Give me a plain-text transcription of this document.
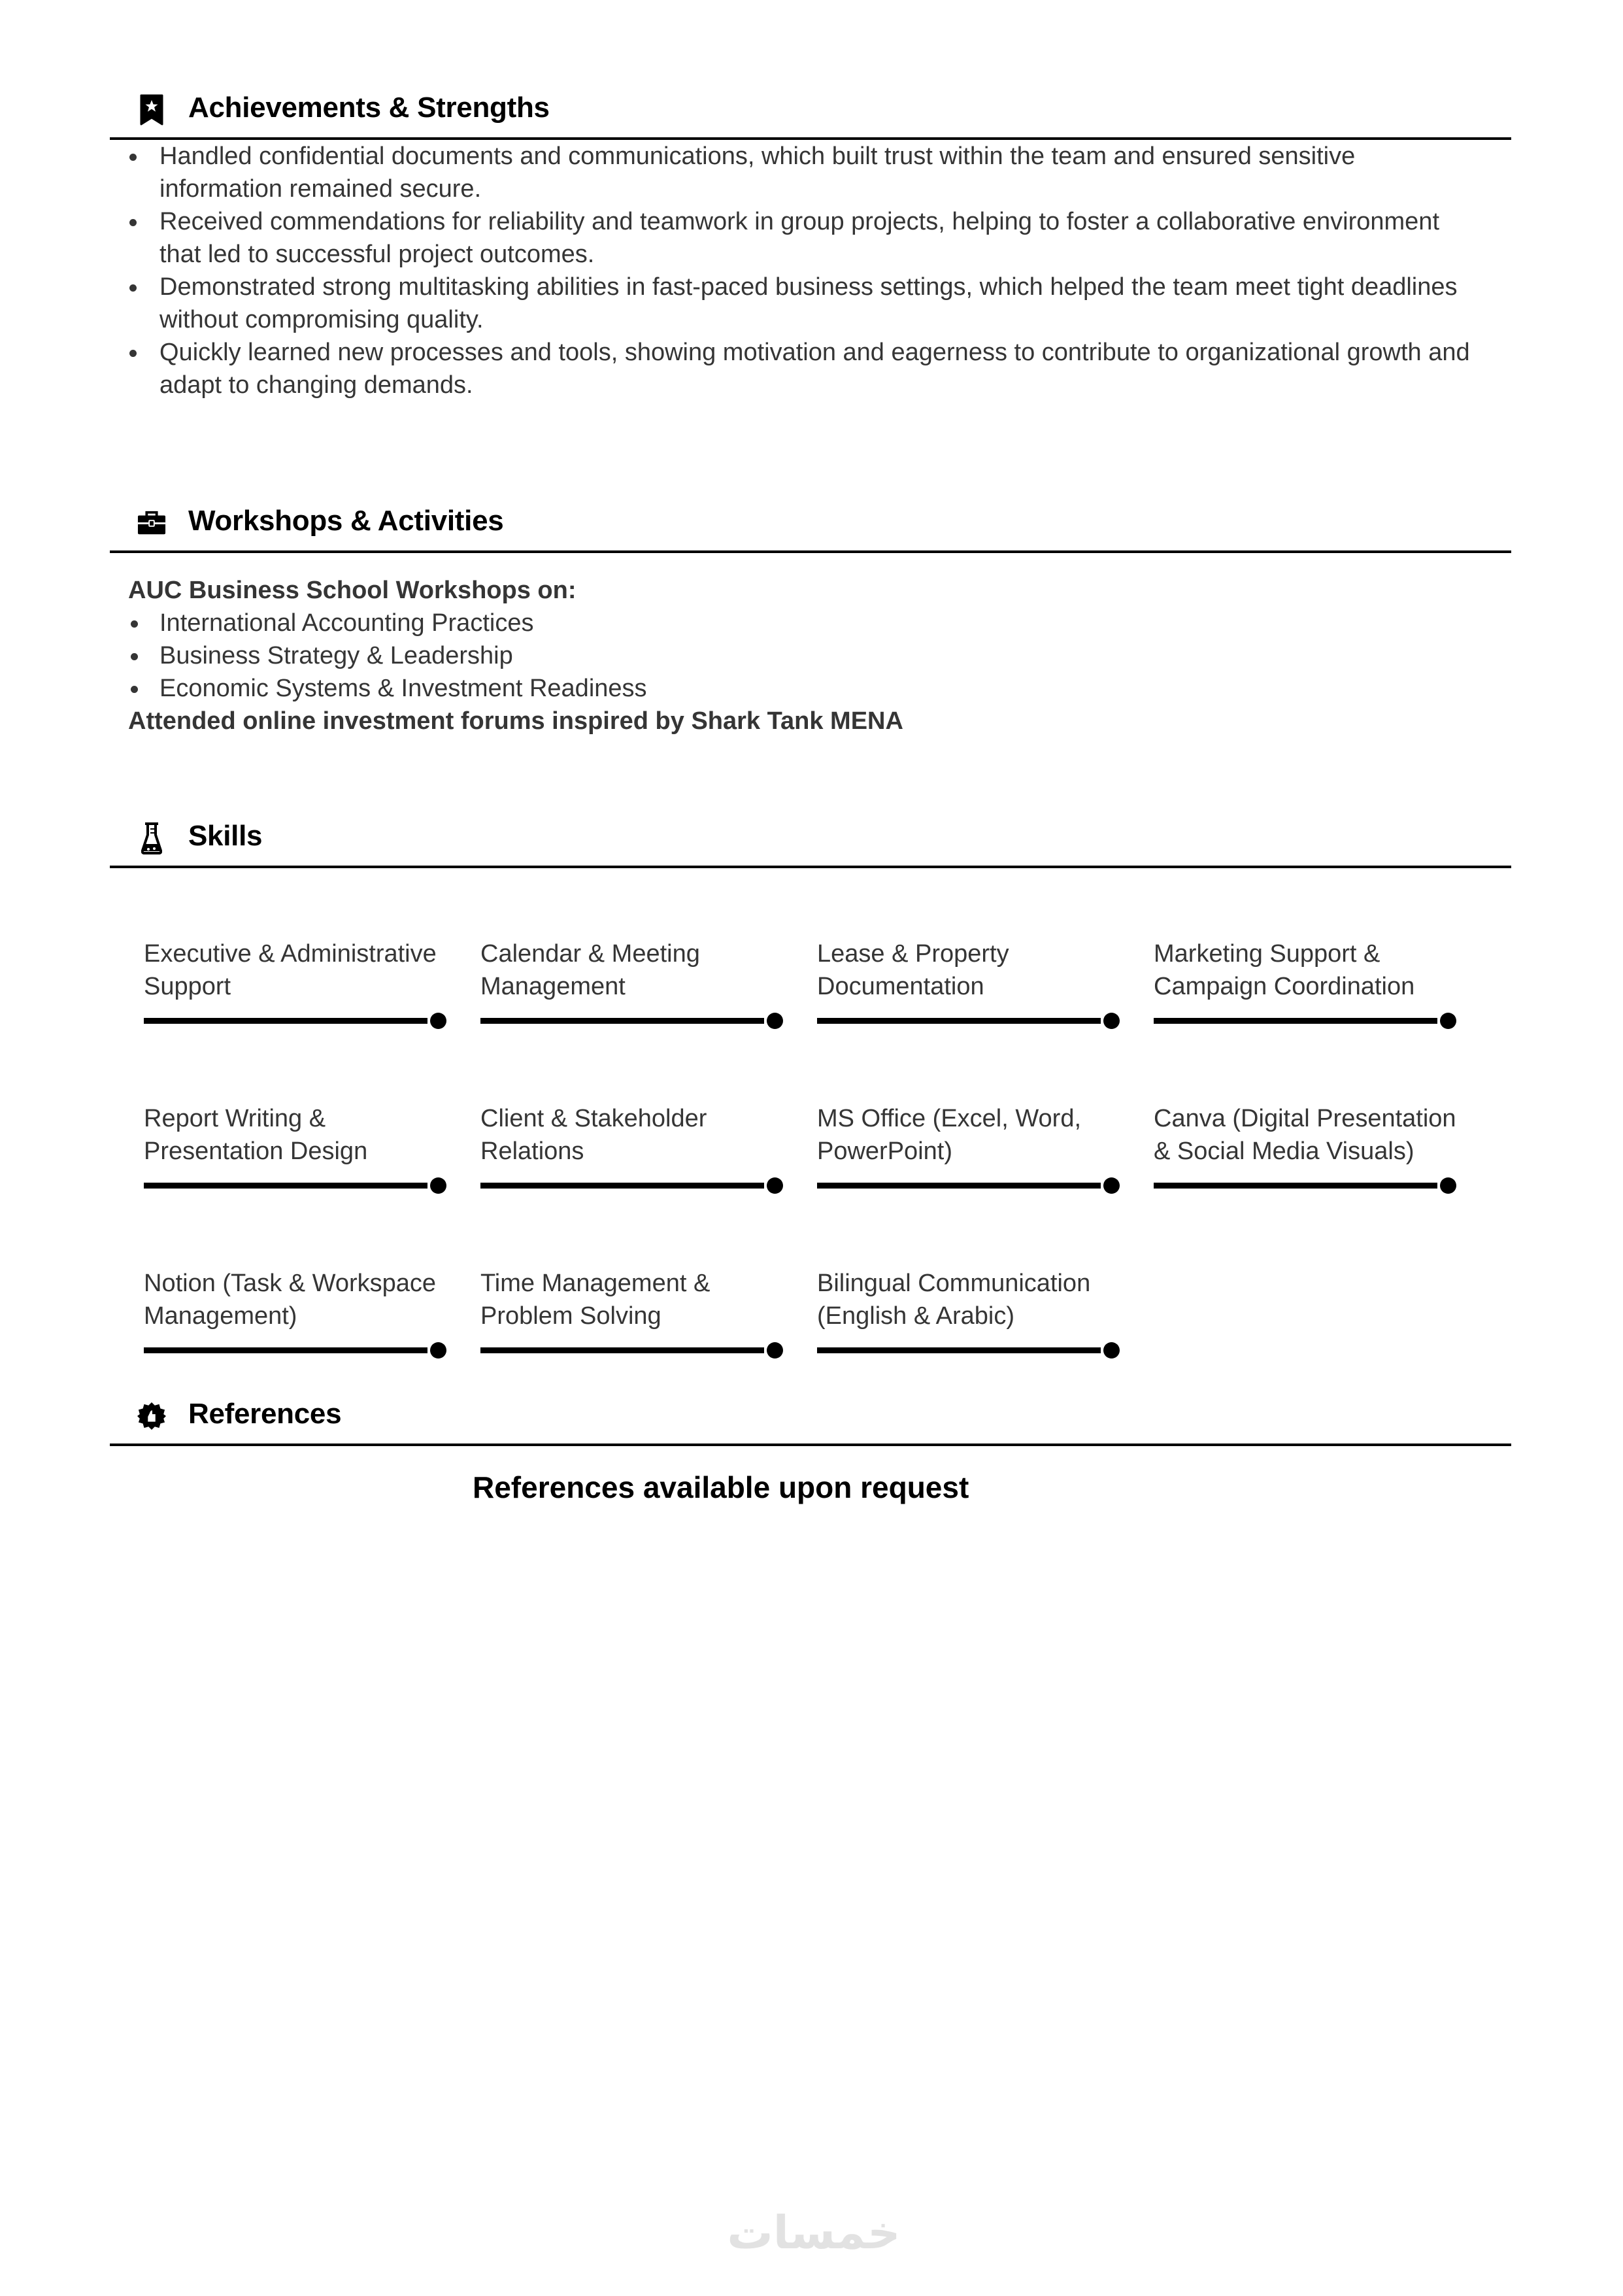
Achievements & Strengths
Handled confidential documents and communications, which built trust within the team and ensured sensitive information remained secure.
Received commendations for reliability and teamwork in group projects, helping to foster a collaborative environment that led to successful project outcomes.
Demonstrated strong multitasking abilities in fast-paced business settings, which helped the team meet tight deadlines without compromising quality.
Quickly learned new processes and tools, showing motivation and eagerness to contribute to organizational growth and adapt to changing demands.
Workshops & Activities
AUC Business School Workshops on:
International Accounting Practices
Business Strategy & Leadership
Economic Systems & Investment Readiness
Attended online investment forums inspired by Shark Tank MENA
Skills
Executive & Administrative Support
Calendar & Meeting Management
Lease & Property Documentation
Marketing Support & Campaign Coordination
Report Writing & Presentation Design
Client & Stakeholder Relations
MS Office (Excel, Word, PowerPoint)
Canva (Digital Presentation & Social Media Visuals)
Notion (Task & Workspace Management)
Time Management & Problem Solving
Bilingual Communication (English & Arabic)
References
References available upon request
خمسات
